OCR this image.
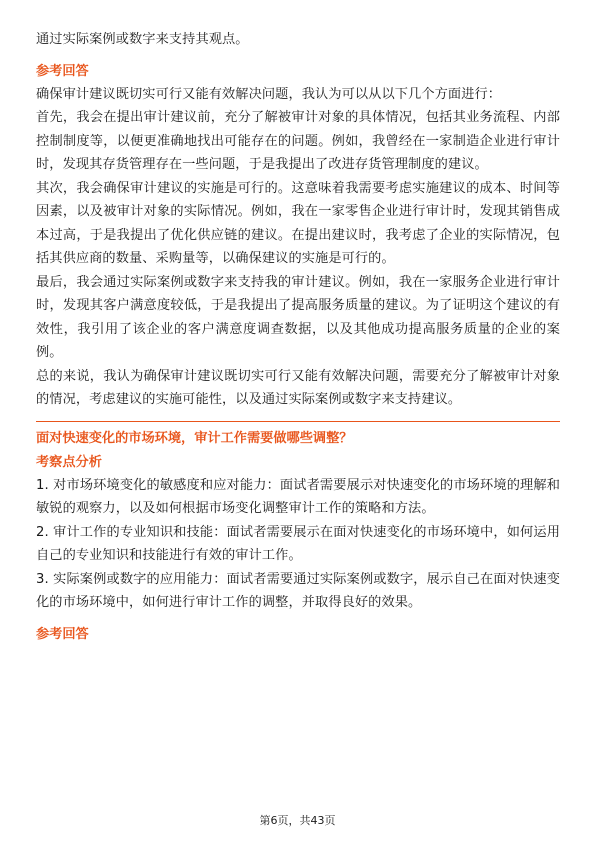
通过实际案例或数字来支持其观点。

参考回答

确保审计建议既切实可行又能有效解决问题，我认为可以从以下几个方面进行：

首先，我会在提出审计建议前，充分了解被审计对象的具体情况，包括其业务流程、内部控制制度等，以便更准确地找出可能存在的问题。例如，我曾经在一家制造企业进行审计时，发现其存货管理存在一些问题，于是我提出了改进存货管理制度的建议。

其次，我会确保审计建议的实施是可行的。这意味着我需要考虑实施建议的成本、时间等因素，以及被审计对象的实际情况。例如，我在一家零售企业进行审计时，发现其销售成本过高，于是我提出了优化供应链的建议。在提出建议时，我考虑了企业的实际情况，包括其供应商的数量、采购量等，以确保建议的实施是可行的。

最后，我会通过实际案例或数字来支持我的审计建议。例如，我在一家服务企业进行审计时，发现其客户满意度较低，于是我提出了提高服务质量的建议。为了证明这个建议的有效性，我引用了该企业的客户满意度调查数据，以及其他成功提高服务质量的企业的案例。

总的来说，我认为确保审计建议既切实可行又能有效解决问题，需要充分了解被审计对象的情况，考虑建议的实施可能性，以及通过实际案例或数字来支持建议。

面对快速变化的市场环境，审计工作需要做哪些调整？

考察点分析

1. 对市场环境变化的敏感度和应对能力：面试者需要展示对快速变化的市场环境的理解和敏锐的观察力，以及如何根据市场变化调整审计工作的策略和方法。

2. 审计工作的专业知识和技能：面试者需要展示在面对快速变化的市场环境中，如何运用自己的专业知识和技能进行有效的审计工作。

3. 实际案例或数字的应用能力：面试者需要通过实际案例或数字，展示自己在面对快速变化的市场环境中，如何进行审计工作的调整，并取得良好的效果。

参考回答

第6页，共43页
